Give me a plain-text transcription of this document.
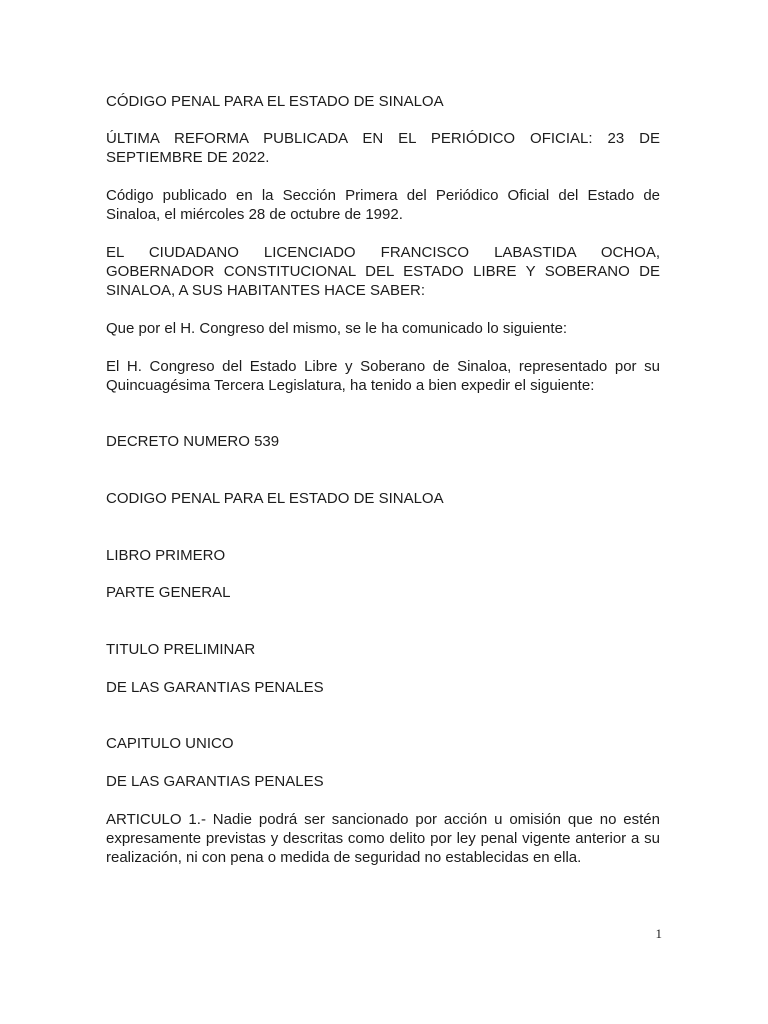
CÓDIGO PENAL PARA EL ESTADO DE SINALOA

ÚLTIMA REFORMA PUBLICADA EN EL PERIÓDICO OFICIAL: 23 DE SEPTIEMBRE DE 2022.

Código publicado en la Sección Primera del Periódico Oficial del Estado de Sinaloa, el miércoles 28 de octubre de 1992.

EL CIUDADANO LICENCIADO FRANCISCO LABASTIDA OCHOA, GOBERNADOR CONSTITUCIONAL DEL ESTADO LIBRE Y SOBERANO DE SINALOA, A SUS HABITANTES HACE SABER:

Que por el H. Congreso del mismo, se le ha comunicado lo siguiente:

El H. Congreso del Estado Libre y Soberano de Sinaloa, representado por su Quincuagésima Tercera Legislatura, ha tenido a bien expedir el siguiente:

DECRETO NUMERO 539

CODIGO PENAL PARA EL ESTADO DE SINALOA

LIBRO PRIMERO

PARTE GENERAL

TITULO PRELIMINAR

DE LAS GARANTIAS PENALES

CAPITULO UNICO

DE LAS GARANTIAS PENALES

ARTICULO 1.- Nadie podrá ser sancionado por acción u omisión que no estén expresamente previstas y descritas como delito por ley penal vigente anterior a su realización, ni con pena o medida de seguridad no establecidas en ella.

1
